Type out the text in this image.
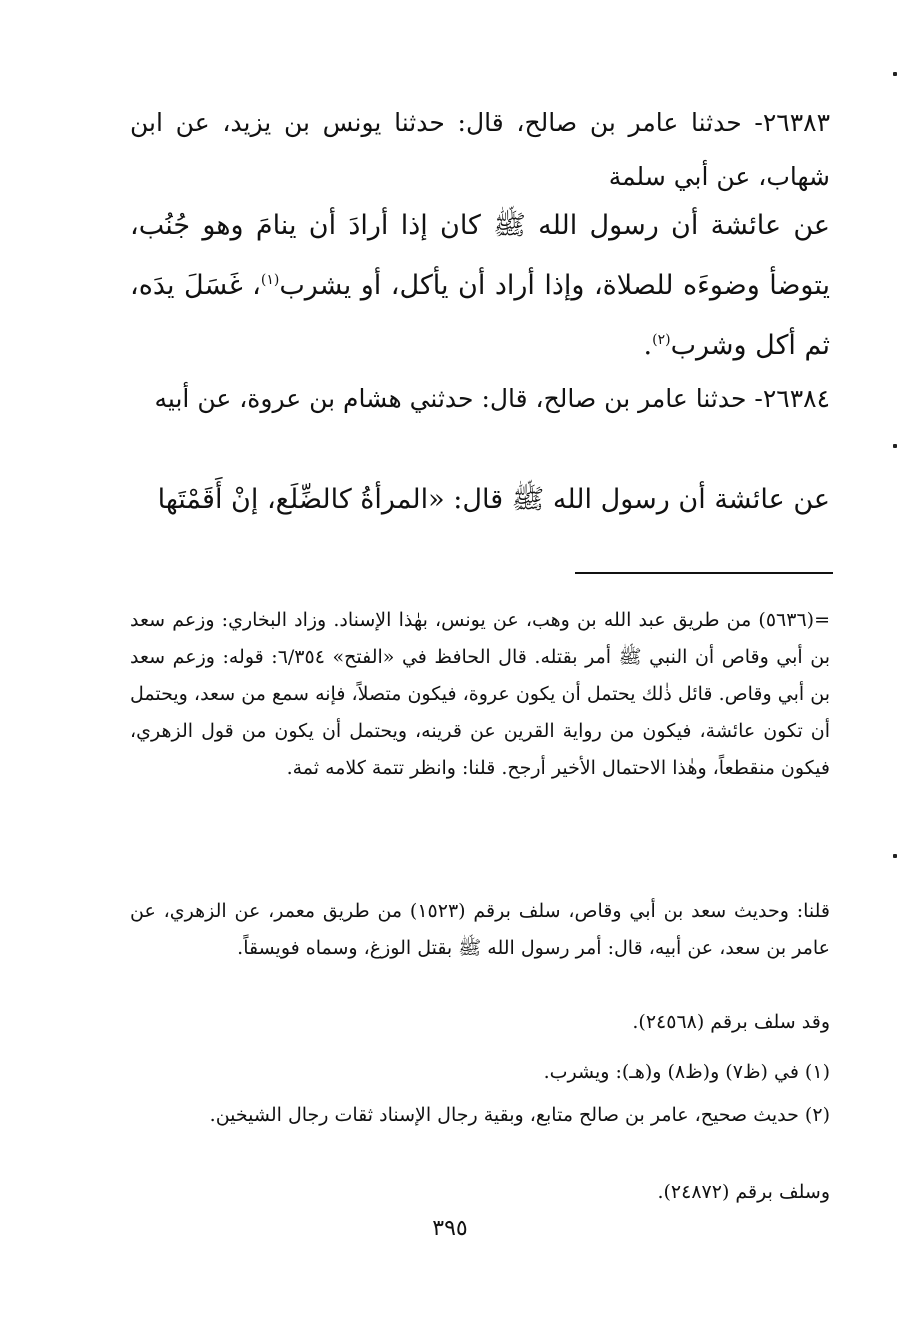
٢٦٣٨٣- حدثنا عامر بن صالح، قال: حدثنا يونس بن يزيد، عن ابن شهاب، عن أبي سلمة

عن عائشة أن رسول الله ﷺ كان إذا أرادَ أن ينامَ وهو جُنُب، يتوضأ وضوءَه للصلاة، وإذا أراد أن يأكل، أو يشرب$^{(١)}$، غَسَلَ يدَه، ثم أكل وشرب$^{(٢)}$.

٢٦٣٨٤- حدثنا عامر بن صالح، قال: حدثني هشام بن عروة، عن أبيه

عن عائشة أن رسول الله ﷺ قال: «المرأةُ كالضِّلَع، إنْ أَقَمْتَها

=(٥٦٣٦) من طريق عبد الله بن وهب، عن يونس، بهٰذا الإسناد. وزاد البخاري: وزعم سعد بن أبي وقاص أن النبي ﷺ أمر بقتله. قال الحافظ في «الفتح» ٦/٣٥٤: قوله: وزعم سعد بن أبي وقاص. قائل ذٰلك يحتمل أن يكون عروة، فيكون متصلاً، فإنه سمع من سعد، ويحتمل أن تكون عائشة، فيكون من رواية القرين عن قرينه، ويحتمل أن يكون من قول الزهري، فيكون منقطعاً، وهٰذا الاحتمال الأخير أرجح. قلنا: وانظر تتمة كلامه ثمة.

قلنا: وحديث سعد بن أبي وقاص، سلف برقم (١٥٢٣) من طريق معمر، عن الزهري، عن عامر بن سعد، عن أبيه، قال: أمر رسول الله ﷺ بقتل الوزغ، وسماه فويسقاً.

وقد سلف برقم (٢٤٥٦٨).

(١) في (ظ٧) و(ظ٨) و(هـ): ويشرب.

(٢) حديث صحيح، عامر بن صالح متابع، وبقية رجال الإسناد ثقات رجال الشيخين.

وسلف برقم (٢٤٨٧٢).

٣٩٥
